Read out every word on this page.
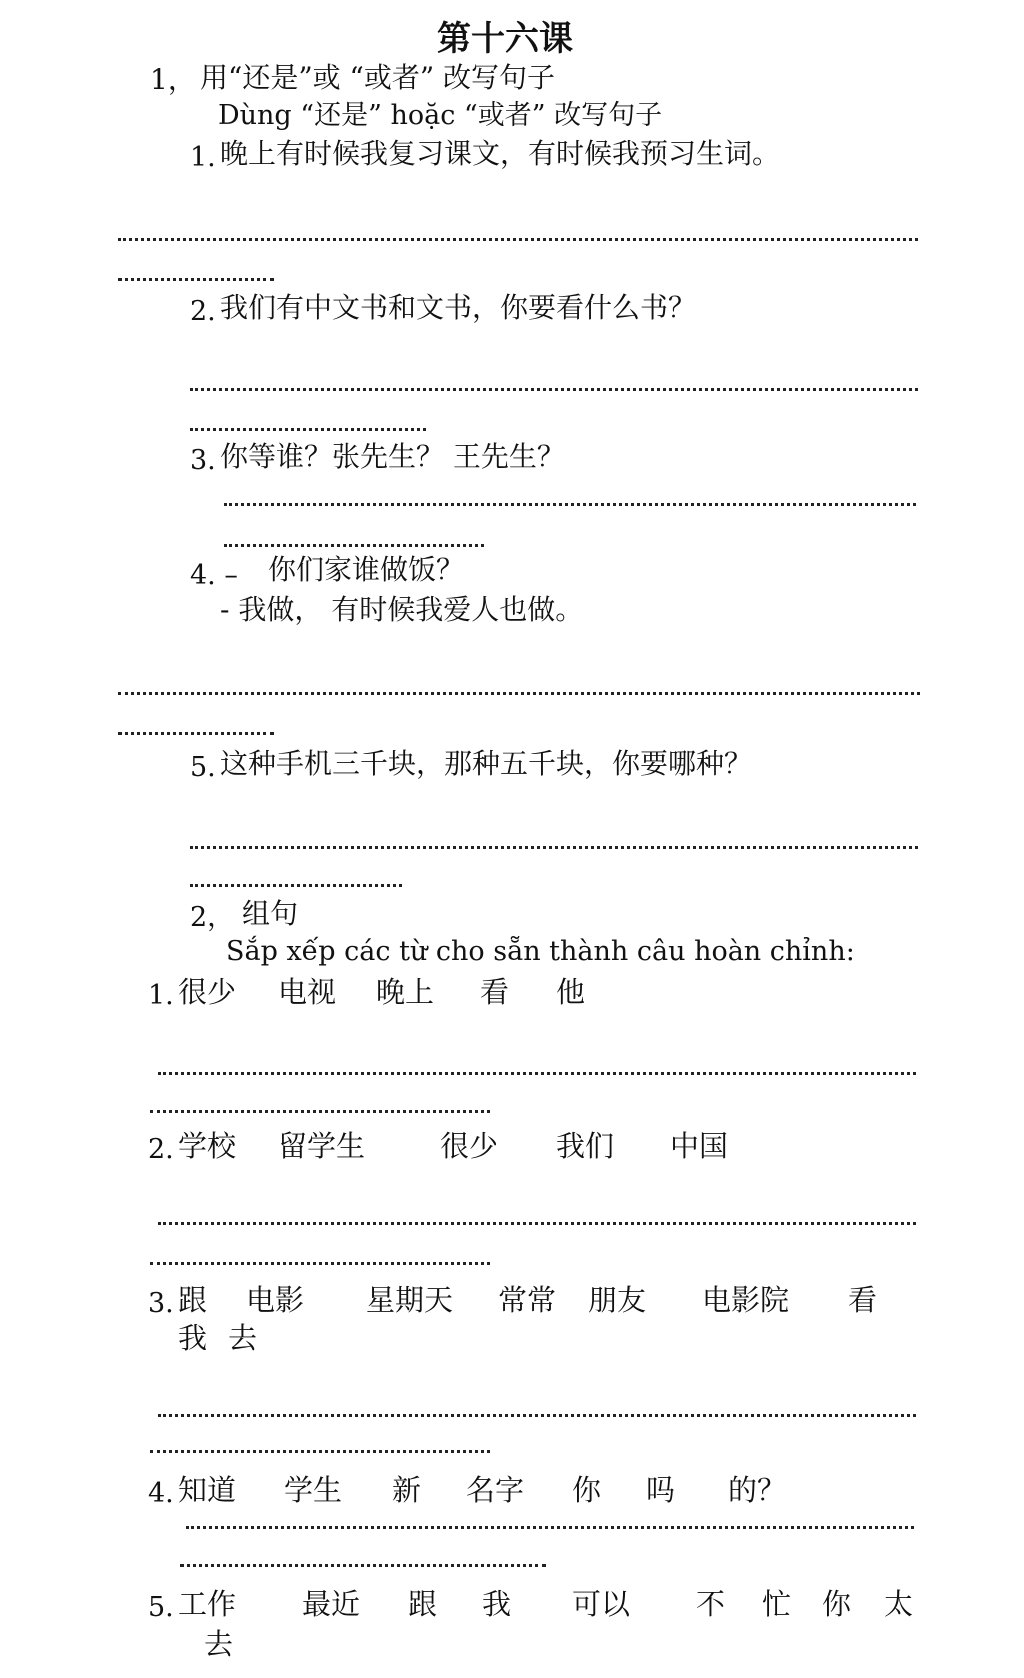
第十六课
1， 用“还是”或 “或者” 改写句子
Dùng “还是” hoặc “或者” 改写句子
1. 晚上有时候我复习课文，有时候我预习生词。
2. 我们有中文书和文书，你要看什么书？
3. 你等谁？张先生？ 王先生？
4. – 你们家谁做饭？
- 我做， 有时候我爱人也做。
5. 这种手机三千块，那种五千块，你要哪种？
2， 组句
Sắp xếp các từ cho sẵn thành câu hoàn chỉnh:
1. 很少 电视 晚上 看 他
2. 学校 留学生	很少 我们 中国
3. 跟 电影 星期天 常常 朋友 电影院 看
我 去
4. 知道 学生 新 名字 你 吗 的？
5. 工作 最近 跟 我 可以 不 忙 你 太
去
